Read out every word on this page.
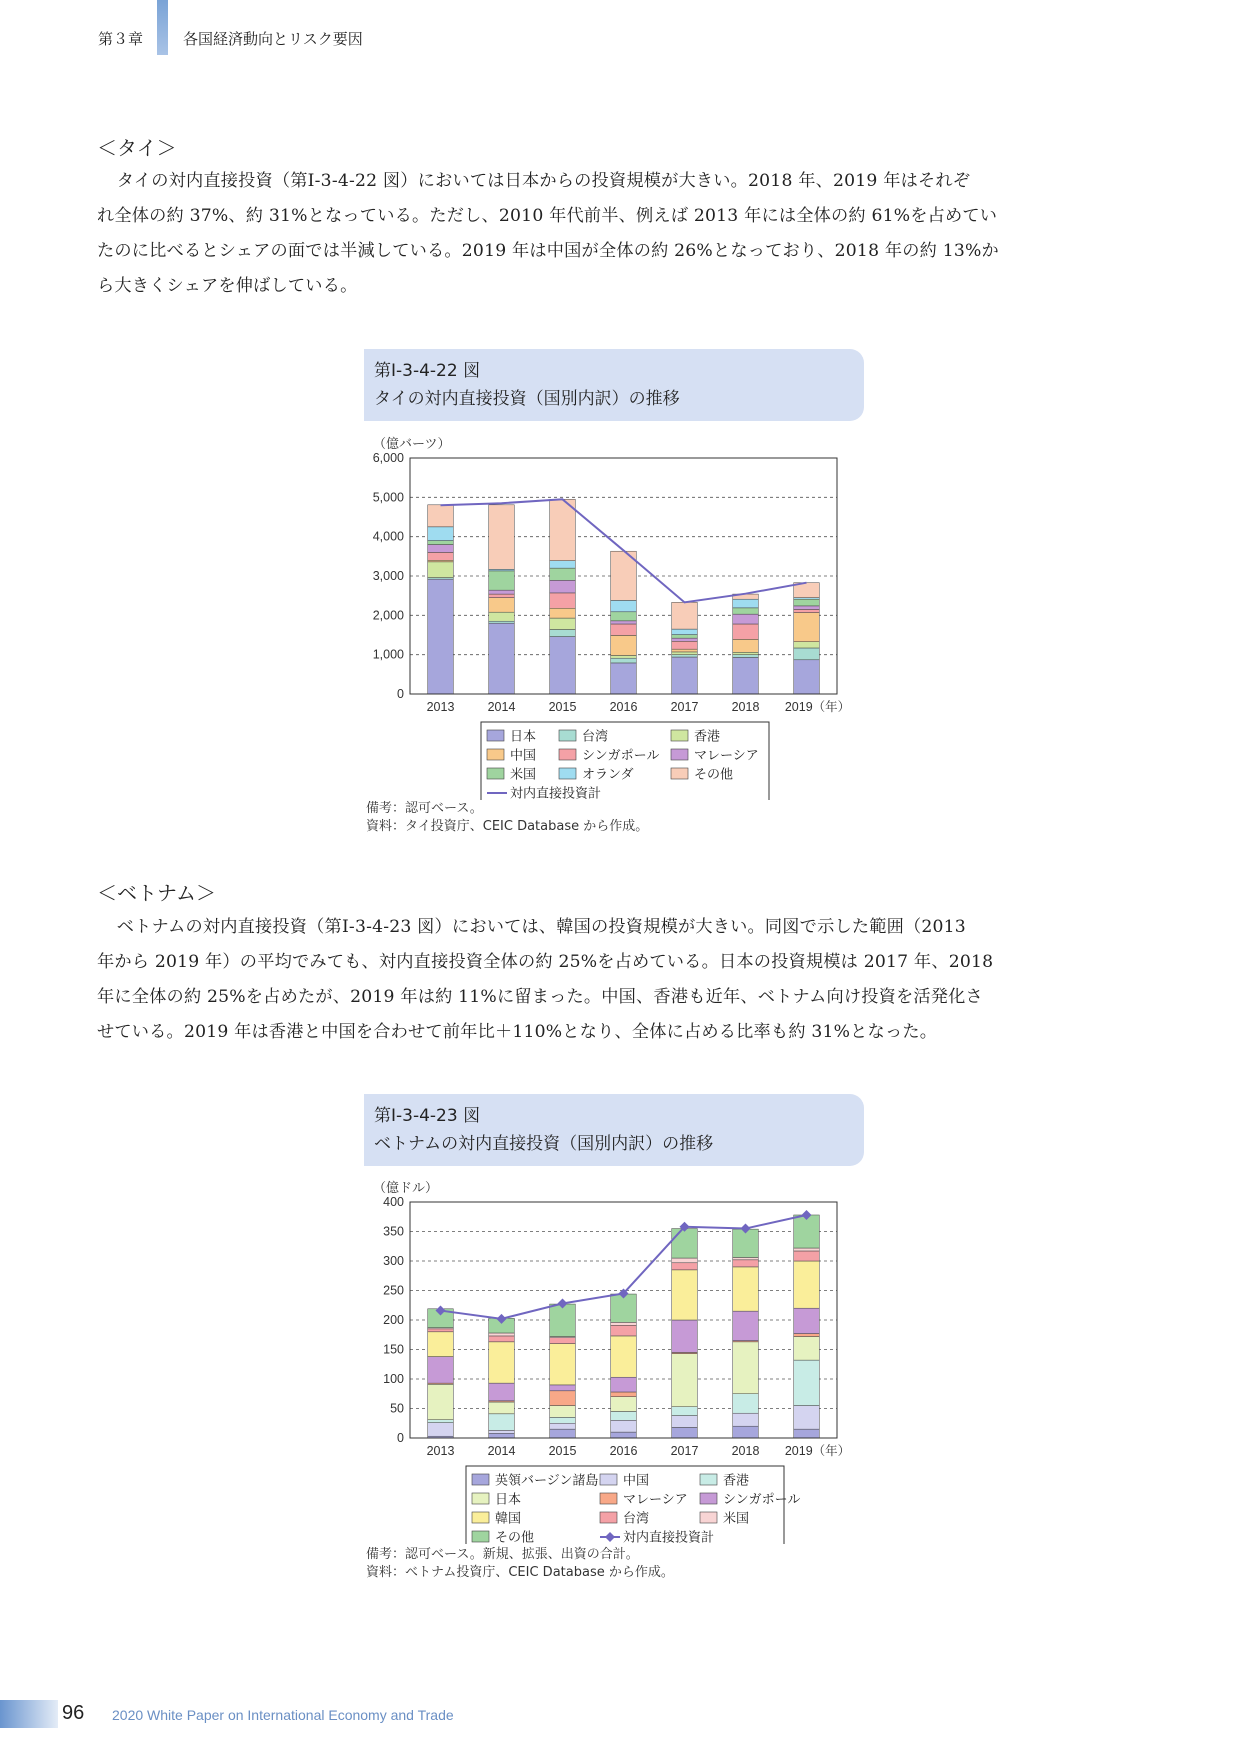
第３章	各国経済動向とリスク要因
＜タイ＞
タイの対内直接投資（第Ⅰ-3-4-22 図）においては日本からの投資規模が大きい。2018 年、2019 年はそれぞ
れ全体の約 37%、約 31%となっている。ただし、2010 年代前半、例えば 2013 年には全体の約 61%を占めてい
たのに比べるとシェアの面では半減している。2019 年は中国が全体の約 26%となっており、2018 年の約 13%か
ら大きくシェアを伸ばしている。
第Ⅰ-3-4-22 図
タイの対内直接投資（国別内訳）の推移
（億バーツ）
0
1,000
2,000
3,000
4,000
5,000
6,000
2013	2014	2015	2016	2017	2018 2019（年）
日本	台湾	香港
中国	シンガポール	マレーシア
米国	オランダ	その他
対内直接投資計
備考：認可ベース。
資料：タイ投資庁、CEIC Database から作成。
＜ベトナム＞
ベトナムの対内直接投資（第Ⅰ-3-4-23 図）においては、韓国の投資規模が大きい。同図で示した範囲（2013
年から 2019 年）の平均でみても、対内直接投資全体の約 25%を占めている。日本の投資規模は 2017 年、2018
年に全体の約 25%を占めたが、2019 年は約 11%に留まった。中国、香港も近年、ベトナム向け投資を活発化さ
せている。2019 年は香港と中国を合わせて前年比＋110%となり、全体に占める比率も約 31%となった。
第Ⅰ-3-4-23 図
ベトナムの対内直接投資（国別内訳）の推移
（億ドル）
0
50
100
150
200
250
300
350
400
2013	2014	2015	2016	2017	2018 2019（年）
英領バージン諸島 中国	香港
日本	マレーシア	シンガポール
韓国	台湾	米国
その他	対内直接投資計
備考：認可ベース。新規、拡張、出資の合計。
資料：ベトナム投資庁、CEIC Database から作成。
96 2020 White Paper on International Economy and Trade
